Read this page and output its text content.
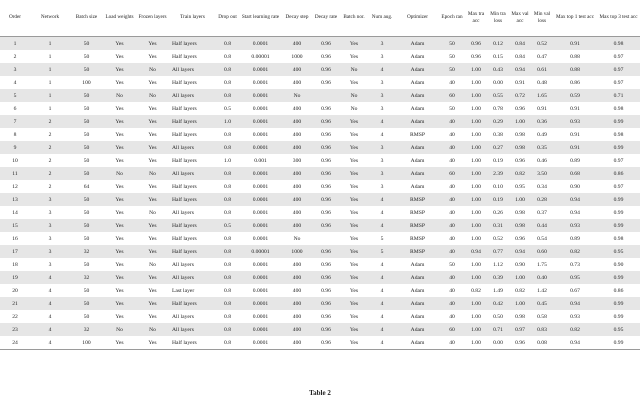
Order	Network	Batch size	Load weights	Frozen layers	Train layers	Drop out	Start learning rate	Decay step	Decay rate	Batch nor.	Num aug.	Optimizer	Epoch ran	Max tra acc	Min tra loss	Max val acc	Min val loss	Max top 1 test acc	Max top 3 test acc
1	1	50	Yes	Yes	Half layers	0.8	0.0001	400	0.96	Yes	3	Adam	50	0.96	0.12	0.84	0.52	0.91	0.98
2	1	50	Yes	Yes	Half layers	0.8	0.00001	1000	0.96	Yes	3	Adam	50	0.96	0.15	0.84	0.47	0.88	0.97
3	1	50	Yes	No	All layers	0.8	0.0001	400	0.96	No	4	Adam	50	1.00	0.43	0.94	0.61	0.88	0.97
4	1	100	Yes	Yes	Half layers	0.8	0.0001	400	0.96	Yes	3	Adam	40	1.00	0.00	0.91	0.48	0.86	0.97
5	1	50	No	No	All layers	0.8	0.0001	No		No	3	Adam	60	1.00	0.55	0.72	1.65	0.59	0.71
6	1	50	Yes	Yes	Half layers	0.5	0.0001	400	0.96	No	3	Adam	50	1.00	0.78	0.96	0.91	0.91	0.98
7	2	50	Yes	Yes	Half layers	1.0	0.0001	400	0.96	Yes	4	Adam	40	1.00	0.29	1.00	0.36	0.93	0.99
8	2	50	Yes	Yes	Half layers	0.8	0.0001	400	0.96	Yes	4	RMSP	40	1.00	0.38	0.98	0.49	0.91	0.98
9	2	50	Yes	Yes	All layers	0.8	0.0001	400	0.96	Yes	3	Adam	40	1.00	0.27	0.98	0.35	0.91	0.99
10	2	50	Yes	Yes	Half layers	1.0	0.001	300	0.96	Yes	3	Adam	40	1.00	0.19	0.96	0.46	0.89	0.97
11	2	50	No	No	All layers	0.8	0.0001	400	0.96	Yes	3	Adam	60	1.00	2.39	0.82	3.50	0.68	0.86
12	2	64	Yes	Yes	Half layers	0.8	0.0001	400	0.96	Yes	3	Adam	40	1.00	0.10	0.95	0.34	0.90	0.97
13	3	50	Yes	Yes	Half layers	0.8	0.0001	400	0.96	Yes	4	RMSP	40	1.00	0.19	1.00	0.28	0.94	0.99
14	3	50	Yes	No	All layers	0.8	0.0001	400	0.96	Yes	4	RMSP	40	1.00	0.26	0.98	0.37	0.94	0.99
15	3	50	Yes	Yes	Half layers	0.5	0.0001	400	0.96	Yes	4	RMSP	40	1.00	0.31	0.98	0.44	0.93	0.99
16	3	50	Yes	Yes	Half layers	0.8	0.0001	No		Yes	5	RMSP	40	1.00	0.52	0.96	0.54	0.89	0.98
17	3	32	Yes	Yes	Half layers	0.8	0.00001	1000	0.96	Yes	5	RMSP	40	0.94	0.77	0.94	0.60	0.82	0.95
18	3	50	Yes	No	All layers	0.8	0.0001	400	0.96	Yes	4	Adam	50	1.00	1.12	0.90	1.75	0.73	0.90
19	4	32	Yes	Yes	All layers	0.8	0.0001	400	0.96	Yes	4	Adam	40	1.00	0.39	1.00	0.40	0.95	0.99
20	4	50	Yes	Yes	Last layer	0.8	0.0001	400	0.96	Yes	4	Adam	40	0.82	1.49	0.82	1.42	0.67	0.86
21	4	50	Yes	Yes	Half layers	0.8	0.0001	400	0.96	Yes	4	Adam	40	1.00	0.42	1.00	0.45	0.94	0.99
22	4	50	Yes	Yes	All layers	0.8	0.0001	400	0.96	Yes	4	Adam	40	1.00	0.50	0.98	0.58	0.93	0.99
23	4	32	No	No	All layers	0.8	0.0001	400	0.96	Yes	4	Adam	60	1.00	0.71	0.97	0.83	0.82	0.95
24	4	100	Yes	Yes	Half layers	0.8	0.0001	400	0.96	Yes	4	Adam	40	1.00	0.00	0.96	0.08	0.94	0.99
Table 2
